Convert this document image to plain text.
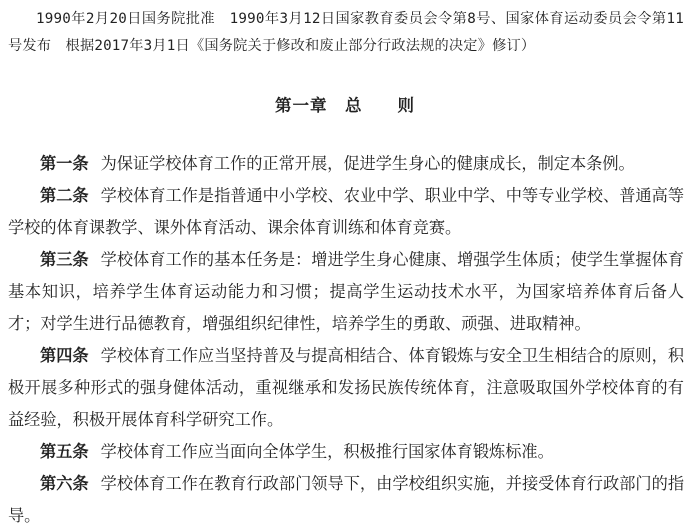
1990年2月20日国务院批准　1990年3月12日国家教育委员会令第8号、国家体育运动委员会令第11号发布　根据2017年3月1日《国务院关于修改和废止部分行政法规的决定》修订）
第一章　总　　则

第一条 为保证学校体育工作的正常开展，促进学生身心的健康成长，制定本条例。

第二条 学校体育工作是指普通中小学校、农业中学、职业中学、中等专业学校、普通高等学校的体育课教学、课外体育活动、课余体育训练和体育竞赛。

第三条 学校体育工作的基本任务是：增进学生身心健康、增强学生体质；使学生掌握体育基本知识，培养学生体育运动能力和习惯；提高学生运动技术水平，为国家培养体育后备人才；对学生进行品德教育，增强组织纪律性，培养学生的勇敢、顽强、进取精神。

第四条 学校体育工作应当坚持普及与提高相结合、体育锻炼与安全卫生相结合的原则，积极开展多种形式的强身健体活动，重视继承和发扬民族传统体育，注意吸取国外学校体育的有益经验，积极开展体育科学研究工作。

第五条 学校体育工作应当面向全体学生，积极推行国家体育锻炼标准。

第六条 学校体育工作在教育行政部门领导下，由学校组织实施，并接受体育行政部门的指导。
